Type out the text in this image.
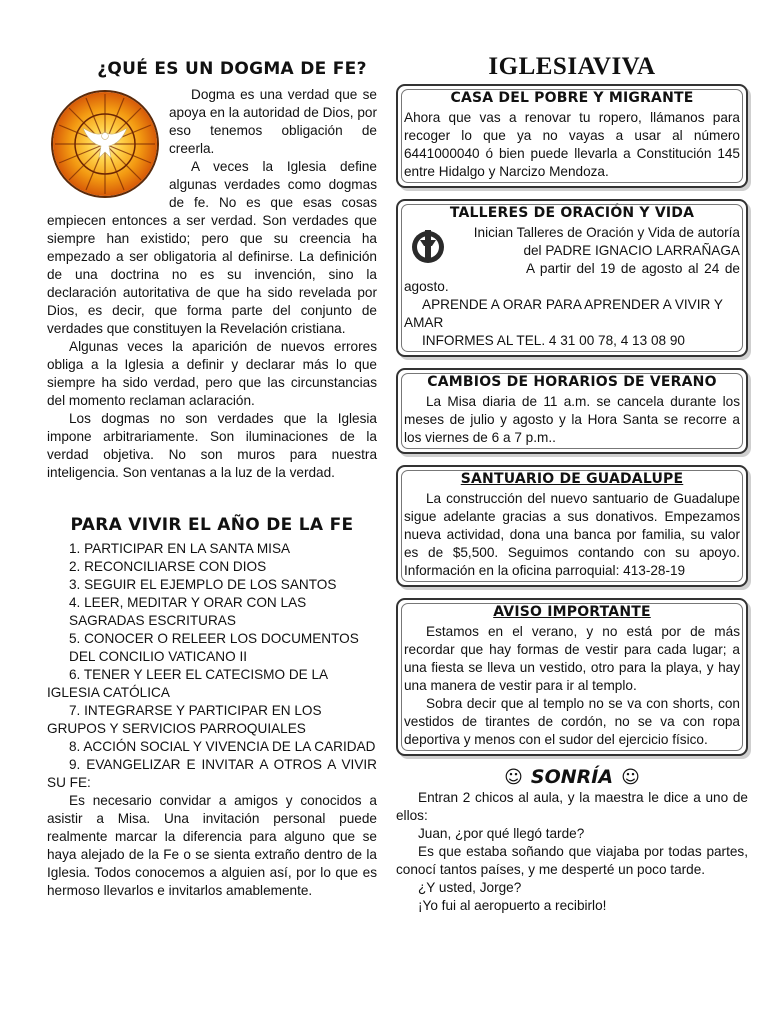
¿QUÉ ES UN DOGMA DE FE?

Dogma es una verdad que se apoya en la autoridad de Dios, por eso tenemos obligación de creerla.

A veces la Iglesia define algunas verdades como dogmas de fe. No es que esas cosas empiecen entonces a ser verdad. Son verdades que siempre han existido; pero que su creencia ha empezado a ser obligatoria al definirse. La definición de una doctrina no es su invención, sino la declaración autoritativa de que ha sido revelada por Dios, es decir, que forma parte del conjunto de verdades que constituyen la Revelación cristiana.

Algunas veces la aparición de nuevos errores obliga a la Iglesia a definir y declarar más lo que siempre ha sido verdad, pero que las circunstancias del momento reclaman aclaración.

Los dogmas no son verdades que la Iglesia impone arbitrariamente. Son iluminaciones de la verdad objetiva. No son muros para nuestra inteligencia. Son ventanas a la luz de la verdad.

PARA VIVIR EL AÑO DE LA FE
1. PARTICIPAR EN LA SANTA MISA
2. RECONCILIARSE CON DIOS
3. SEGUIR EL EJEMPLO DE LOS SANTOS
4. LEER, MEDITAR Y ORAR CON LAS SAGRADAS ESCRITURAS
5. CONOCER O RELEER LOS DOCUMENTOS DEL CONCILIO VATICANO II
6. TENER Y LEER EL CATECISMO DE LA IGLESIA CATÓLICA
7. INTEGRARSE Y PARTICIPAR EN LOS GRUPOS Y SERVICIOS PARROQUIALES
8. ACCIÓN SOCIAL Y VIVENCIA DE LA CARIDAD
9. EVANGELIZAR E INVITAR A OTROS A VIVIR SU FE:

Es necesario convidar a amigos y conocidos a asistir a Misa. Una invitación personal puede realmente marcar la diferencia para alguno que se haya alejado de la Fe o se sienta extraño dentro de la Iglesia. Todos conocemos a alguien así, por lo que es hermoso llevarlos e invitarlos amablemente.

IGLESIAVIVA
CASA DEL POBRE Y MIGRANTE

Ahora que vas a renovar tu ropero, llámanos para recoger lo que ya no vayas a usar al número 6441000040 ó bien puede llevarla a Constitución 145 entre Hidalgo y Narcizo Mendoza.

TALLERES DE ORACIÓN Y VIDA

Inician Talleres de Oración y Vida de autoría del PADRE IGNACIO LARRAÑAGA

A partir del 19 de agosto al 24 de agosto.

APRENDE A ORAR PARA APRENDER A VIVIR Y AMAR

INFORMES AL TEL. 4 31 00 78, 4 13 08 90

CAMBIOS DE HORARIOS DE VERANO

La Misa diaria de 11 a.m. se cancela durante los meses de julio y agosto y la Hora Santa se recorre a los viernes de 6 a 7 p.m..

SANTUARIO DE GUADALUPE

La construcción del nuevo santuario de Guadalupe sigue adelante gracias a sus donativos. Empezamos nueva actividad, dona una banca por familia, su valor es de $5,500. Seguimos contando con su apoyo. Información en la oficina parroquial: 413-28-19

AVISO IMPORTANTE

Estamos en el verano, y no está por de más recordar que hay formas de vestir para cada lugar; a una fiesta se lleva un vestido, otro para la playa, y hay una manera de vestir para ir al templo.

Sobra decir que al templo no se va con shorts, con vestidos de tirantes de cordón, no se va con ropa deportiva y menos con el sudor del ejercicio físico.

☺ SONRÍA ☺

Entran 2 chicos al aula, y la maestra le dice a uno de ellos:

Juan, ¿por qué llegó tarde?

Es que estaba soñando que viajaba por todas partes, conocí tantos países, y me desperté un poco tarde.

¿Y usted, Jorge?

¡Yo fui al aeropuerto a recibirlo!
